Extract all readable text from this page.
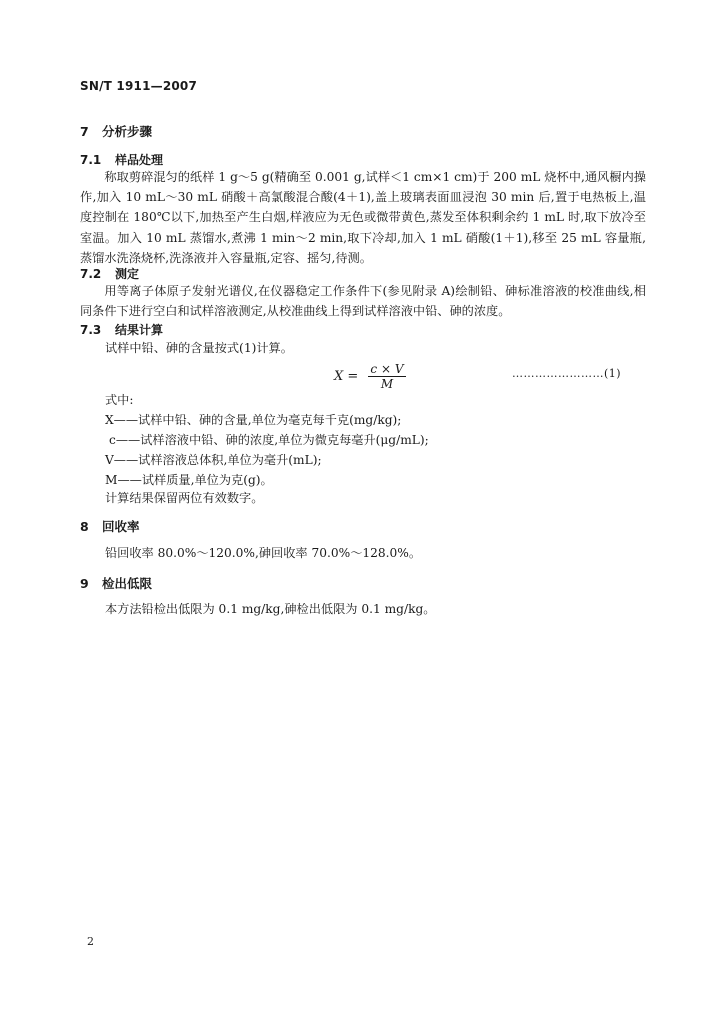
SN/T 1911—2007
7 分析步骤
7.1 样品处理
称取剪碎混匀的纸样 1 g～5 g(精确至 0.001 g,试样＜1 cm×1 cm)于 200 mL 烧杯中,通风橱内操作,加入 10 mL～30 mL 硝酸＋高氯酸混合酸(4＋1),盖上玻璃表面皿浸泡 30 min 后,置于电热板上,温度控制在 180℃以下,加热至产生白烟,样液应为无色或微带黄色,蒸发至体积剩余约 1 mL 时,取下放冷至室温。加入 10 mL 蒸馏水,煮沸 1 min～2 min,取下冷却,加入 1 mL 硝酸(1＋1),移至 25 mL 容量瓶,蒸馏水洗涤烧杯,洗涤液并入容量瓶,定容、摇匀,待测。
7.2 测定
用等离子体原子发射光谱仪,在仪器稳定工作条件下(参见附录 A)绘制铅、砷标准溶液的校准曲线,相同条件下进行空白和试样溶液测定,从校准曲线上得到试样溶液中铅、砷的浓度。
7.3 结果计算
试样中铅、砷的含量按式(1)计算。
$X = \frac{c \times V}{M}$	……………………(1)
式中:
X——试样中铅、砷的含量,单位为毫克每千克(mg/kg);
c——试样溶液中铅、砷的浓度,单位为微克每毫升(μg/mL);
V——试样溶液总体积,单位为毫升(mL);
M——试样质量,单位为克(g)。
计算结果保留两位有效数字。
8 回收率
铅回收率 80.0%～120.0%,砷回收率 70.0%～128.0%。
9 检出低限
本方法铅检出低限为 0.1 mg/kg,砷检出低限为 0.1 mg/kg。
2
